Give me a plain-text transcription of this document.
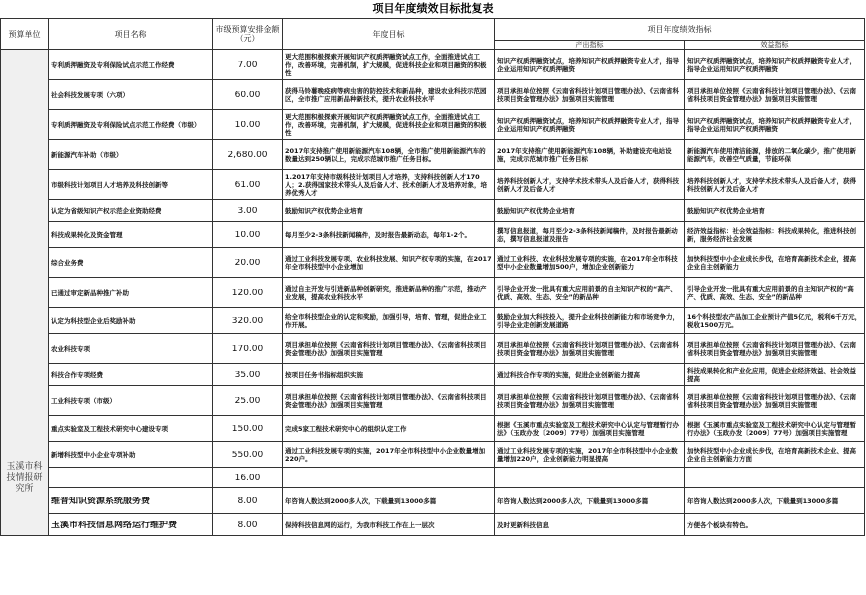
项目年度绩效目标批复表
预算单位	项目名称	市级预算安排金额（元）	年度目标	项目年度绩效指标	
				产出指标	效益指标

玉溪市科技情报研究所	专利质押融资及专利保险试点示范工作经费	7.00	更大范围积极探索开展知识产权质押融资试点工作，全面推进试点工作，改善环境，完善机制，扩大规模，促进科技企业和项目融资的积极性	知识产权质押融资试点，培养知识产权质押融资专业人才，指导企业运用知识产权质押融资	知识产权质押融资试点，培养知识产权质押融资专业人才，指导企业运用知识产权质押融资

	社会科技发展专项（六项）	60.00	获得马铃薯晚疫病等病虫害的防控技术和新品种，建设农业科技示范园区，全市推广应用新品种新技术，提升农业科技水平	项目承担单位按照《云南省科技计划项目管理办法》、《云南省科技项目资金管理办法》加强项目实施管理	项目承担单位按照《云南省科技计划项目管理办法》、《云南省科技项目资金管理办法》加强项目实施管理

	专利质押融资及专利保险试点示范工作经费（市级）	10.00	更大范围积极探索开展知识产权质押融资试点工作，全面推进试点工作，改善环境，完善机制，扩大规模，促进科技企业和项目融资的积极性	知识产权质押融资试点，培养知识产权质押融资专业人才，指导企业运用知识产权质押融资	知识产权质押融资试点，培养知识产权质押融资专业人才，指导企业运用知识产权质押融资

	新能源汽车补助（市级）	2,680.00	2017年支持推广使用新能源汽车108辆，全市推广使用新能源汽车的数量达到250辆以上，完成示范城市推广任务目标。	2017年支持推广使用新能源汽车108辆，补助建设充电站设施，完成示范城市推广任务目标	新能源汽车使用清洁能源，排放的二氧化碳少，推广使用新能源汽车，改善空气质量，节能环保

	市级科技计划项目人才培养及科技创新等	61.00	1.2017年支持市级科技计划项目人才培养，支持科技创新人才170人；2.获得国家技术带头人及后备人才、技术创新人才及培养对象，培养优秀人才	培养科技创新人才，支持学术技术带头人及后备人才，获得科技创新人才及后备人才	培养科技创新人才，支持学术技术带头人及后备人才，获得科技创新人才及后备人才

	认定为省级知识产权示范企业资助经费	3.00	鼓励知识产权优势企业培育	鼓励知识产权优势企业培育	鼓励知识产权优势企业培育

	科技成果转化及资金管理	10.00	每月至少2-3条科技新闻稿件，及时报告最新动态，每年1-2个。	撰写信息报道，每月至少2-3条科技新闻稿件，及时报告最新动态，撰写信息报道及报告	经济效益指标：社会效益指标：科技成果转化，推进科技创新，服务经济社会发展

	综合业务费	20.00	通过工业科技发展专项、农业科技发展、知识产权专项的实施，在2017年全市科技型中小企业增加	通过工业科技、农业科技发展专项的实施，在2017年全市科技型中小企业数量增加500户，增加企业创新能力	加快科技型中小企业成长步伐，在培育高新技术企业，提高企业自主创新能力

	已通过审定新品种推广补助	120.00	通过自主开发与引进新品种创新研究，推进新品种的推广示范，推动产业发展，提高农业科技水平	引导企业开发一批具有重大应用前景的自主知识产权的“高产、优质、高效、生态、安全”的新品种	引导企业开发一批具有重大应用前景的自主知识产权的“高产、优质、高效、生态、安全”的新品种

	认定为科技型企业后奖励补助	320.00	给全市科技型企业的认定和奖励，加强引导，培育、管理，促进企业工作开展。	鼓励企业加大科技投入，提升企业科技创新能力和市场竞争力，引导企业走创新发展道路	16个科技型农产品加工企业预计产值5亿元，税利6千万元，税收1500万元。

	农业科技专项	170.00	项目承担单位按照《云南省科技计划项目管理办法》、《云南省科技项目资金管理办法》加强项目实施管理	项目承担单位按照《云南省科技计划项目管理办法》、《云南省科技项目资金管理办法》加强项目实施管理	项目承担单位按照《云南省科技计划项目管理办法》、《云南省科技项目资金管理办法》加强项目实施管理

	科技合作专项经费	35.00	按项目任务书指标组织实施	通过科技合作专项的实施，促进企业创新能力提高	科技成果转化和产业化应用，促进企业经济效益、社会效益提高

	工业科技专项（市级）	25.00	项目承担单位按照《云南省科技计划项目管理办法》、《云南省科技项目资金管理办法》加强项目实施管理	项目承担单位按照《云南省科技计划项目管理办法》、《云南省科技项目资金管理办法》加强项目实施管理	项目承担单位按照《云南省科技计划项目管理办法》、《云南省科技项目资金管理办法》加强项目实施管理

	重点实验室及工程技术研究中心建设专项	150.00	完成5家工程技术研究中心的组织认定工作	根据《玉溪市重点实验室及工程技术研究中心认定与管理暂行办法》（玉政办发〔2009〕77号）加强项目实施管理	根据《玉溪市重点实验室及工程技术研究中心认定与管理暂行办法》（玉政办发〔2009〕77号）加强项目实施管理

	新增科技型中小企业专项补助	550.00	通过工业科技发展专项的实施，2017年全市科技型中小企业数量增加220户。	通过工业科技发展专项的实施，2017年全市科技型中小企业数量增加220户，企业创新能力明显提高	加快科技型中小企业成长步伐，在培育高新技术企业、提高企业自主创新能力方面

		16.00			

	维普知识资源系统服务费	8.00	年咨询人数达到2000多人次，下载量到13000多篇	年咨询人数达到2000多人次，下载量到13000多篇	年咨询人数达到2000多人次，下载量到13000多篇

	玉溪市科技信息网络运行维护费	8.00	保持科技信息网的运行，为我市科技工作在上一层次	及时更新科技信息	方便各个板块有特色。
